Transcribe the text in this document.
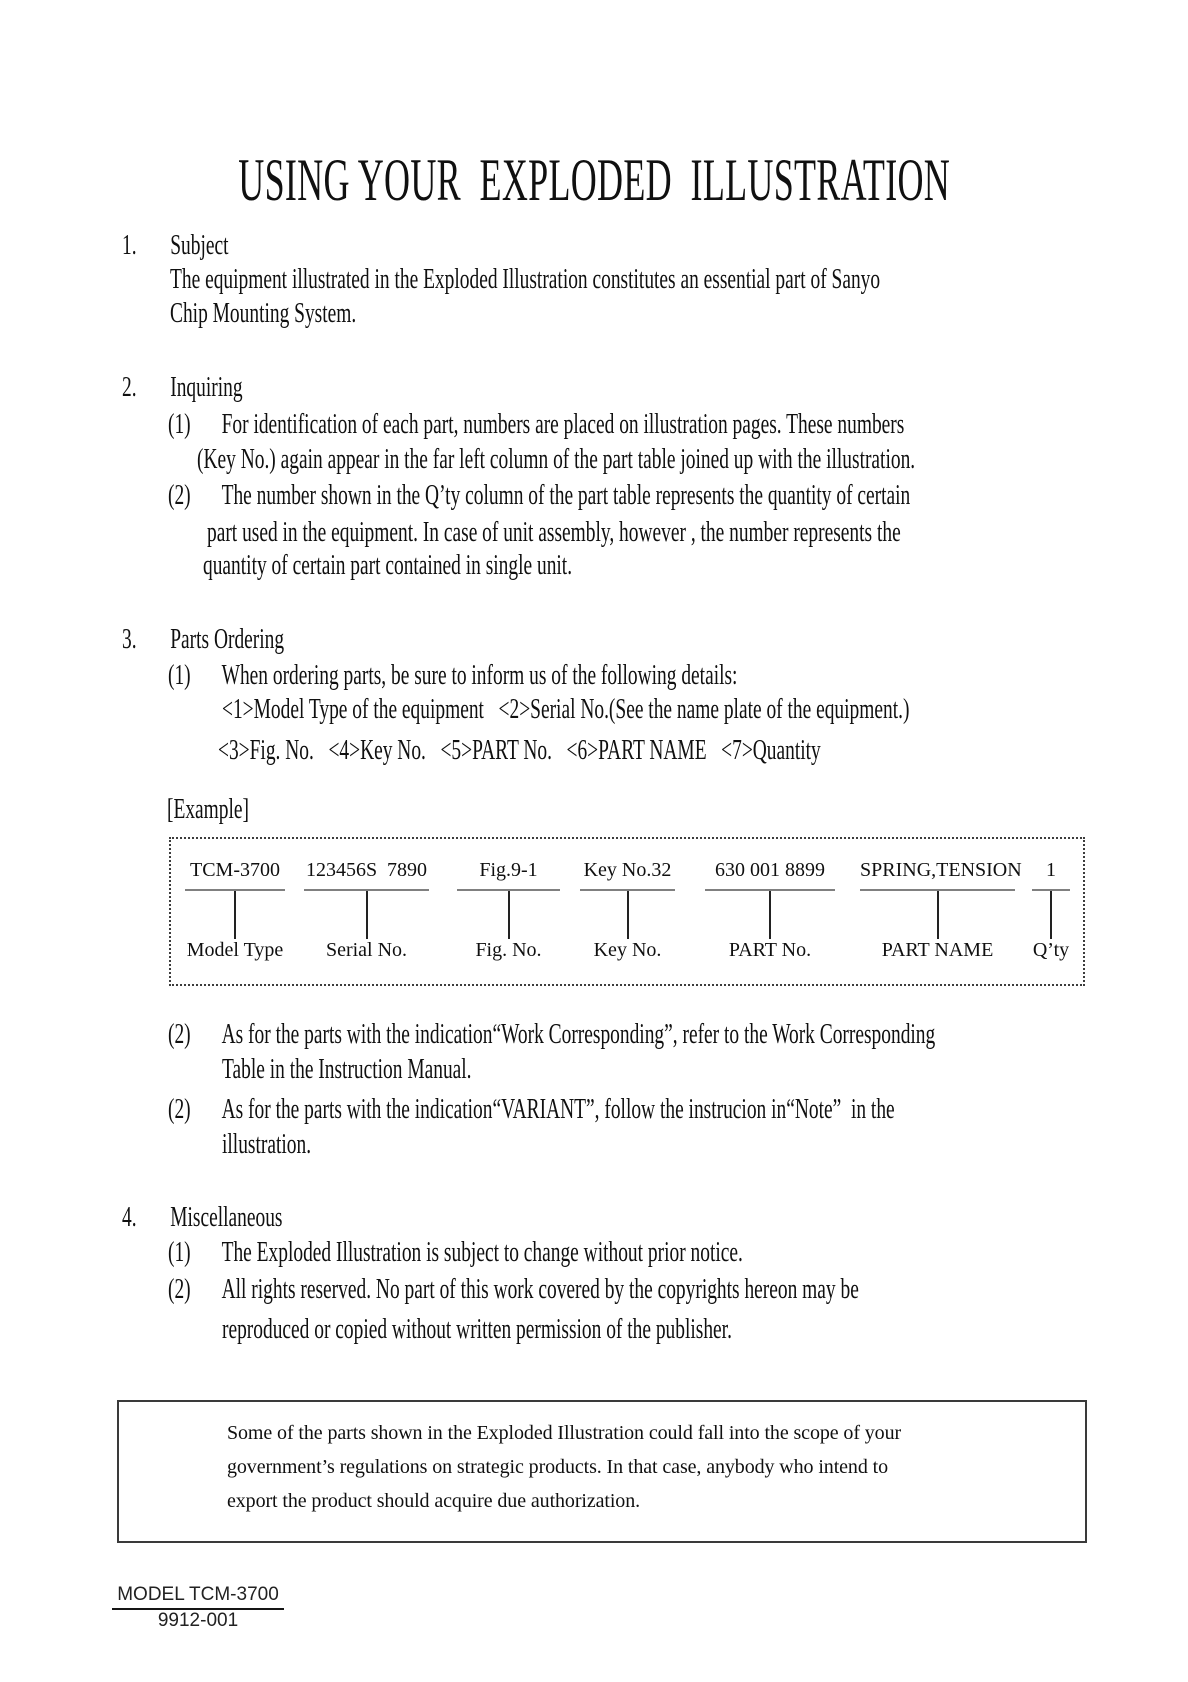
USING YOUR  EXPLODED  ILLUSTRATION
1. Subject
The equipment illustrated in the Exploded Illustration constitutes an essential part of Sanyo
Chip Mounting System.
2. Inquiring
(1) For identification of each part, numbers are placed on illustration pages. These numbers
(Key No.) again appear in the far left column of the part table joined up with the illustration.
(2) The number shown in the Q’ty column of the part table represents the quantity of certain
part used in the equipment. In case of unit assembly, however , the number represents the
quantity of certain part contained in single unit.
3. Parts Ordering
(1) When ordering parts, be sure to inform us of the following details:
<1>Model Type of the equipment   <2>Serial No.(See the name plate of the equipment.)
<3>Fig. No.   <4>Key No.   <5>PART No.   <6>PART NAME   <7>Quantity
[Example]
TCM-3700
Model Type
123456S  7890
Serial No.
Fig.9-1
Fig. No.
Key No.32
Key No.
630 001 8899
PART No.
SPRING,TENSION
PART NAME
1
Q’ty
(2) As for the parts with the indication“Work Corresponding”, refer to the Work Corresponding
Table in the Instruction Manual.
(2) As for the parts with the indication“VARIANT”, follow the instrucion in“Note”  in the
illustration.
4. Miscellaneous
(1) The Exploded Illustration is subject to change without prior notice.
(2) All rights reserved. No part of this work covered by the copyrights hereon may be
reproduced or copied without written permission of the publisher.
Some of the parts shown in the Exploded Illustration could fall into the scope of your
government’s regulations on strategic products. In that case, anybody who intend to
export the product should acquire due authorization.
MODEL TCM-3700
9912-001
